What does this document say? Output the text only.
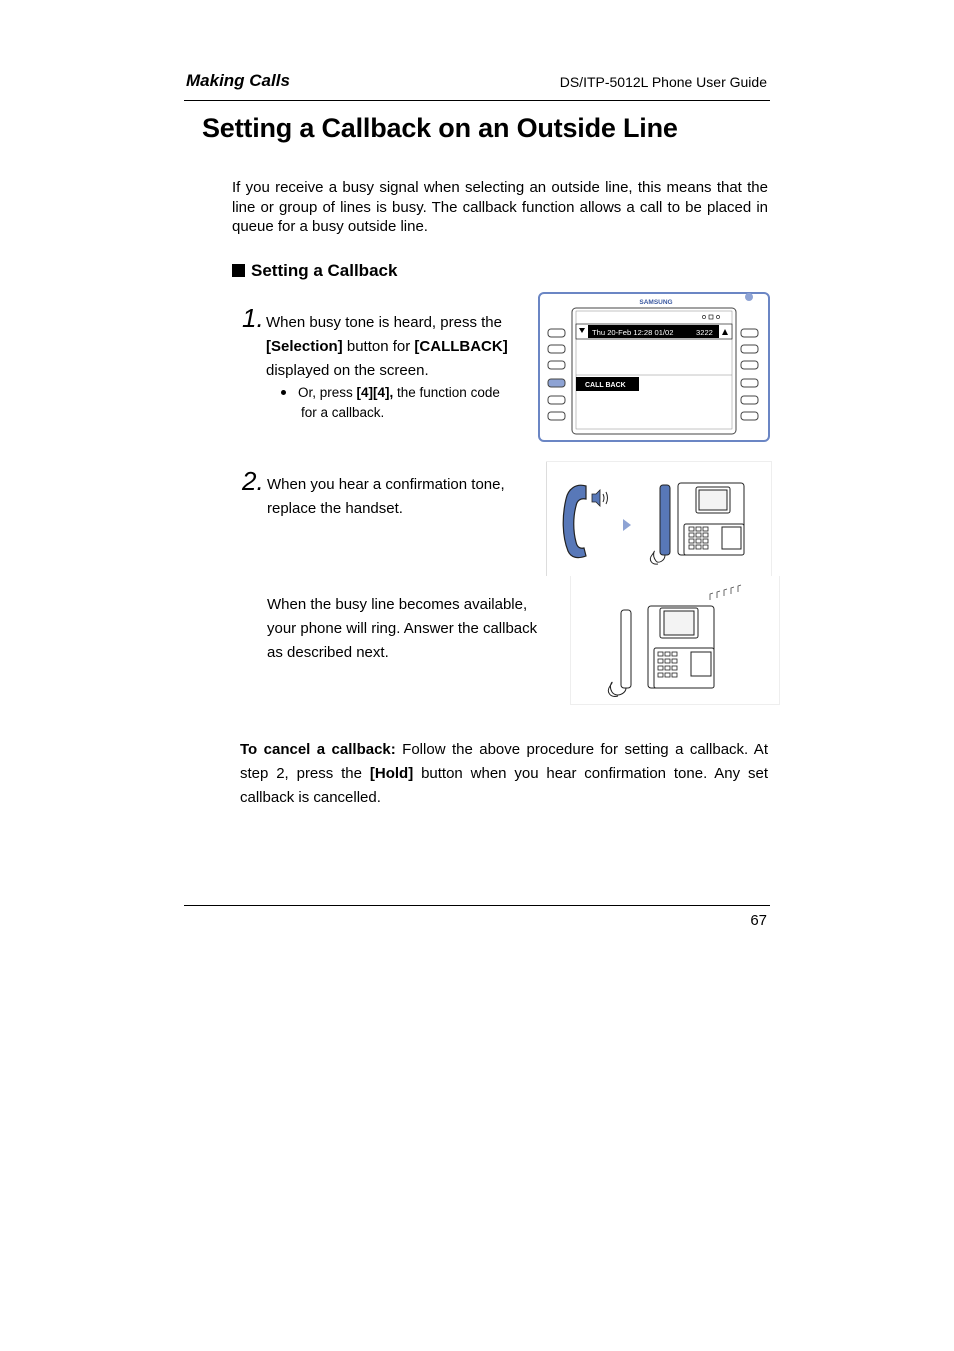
Making Calls	DS/ITP-5012L Phone User Guide
Setting a Callback on an Outside Line
If you receive a busy signal when selecting an outside line, this means that the line or group of lines is busy. The callback function allows a call to be placed in queue for a busy outside line.
Setting a Callback
1. When busy tone is heard, press the
[Selection] button for [CALLBACK]
displayed on the screen.
Or, press [4][4], the function code
for a callback.
SAMSUNG
Thu 20-Feb 12:28 01/02	3222
CALL BACK
2. When you hear a confirmation tone,
replace the handset.
When the busy line becomes available,
your phone will ring. Answer the callback
as described next.
To cancel a callback: Follow the above procedure for setting a callback. At step 2, press the [Hold] button when you hear confirmation tone. Any set callback is cancelled.
67
